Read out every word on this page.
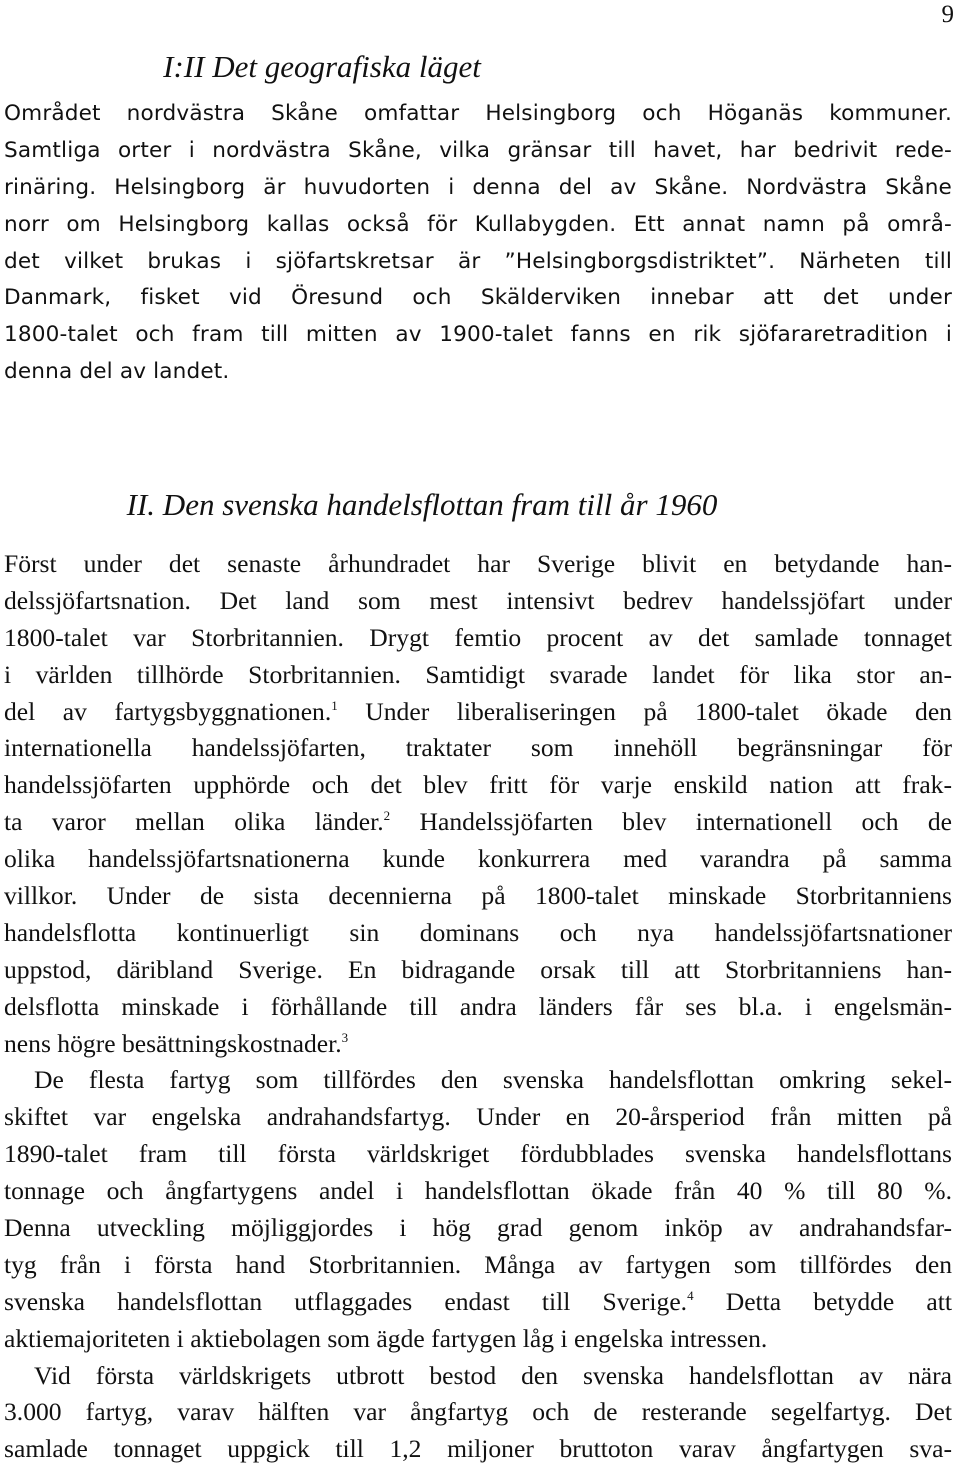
9
I:II Det geografiska läget
Området nordvästra Skåne omfattar Helsingborg och Höganäs kommuner.
Samtliga orter i nordvästra Skåne, vilka gränsar till havet, har bedrivit rede-
rinäring. Helsingborg är huvudorten i denna del av Skåne. Nordvästra Skåne
norr om Helsingborg kallas också för Kullabygden. Ett annat namn på områ-
det vilket brukas i sjöfartskretsar är ”Helsingborgsdistriktet”. Närheten till
Danmark, fisket vid Öresund och Skälderviken innebar att det under
1800-talet och fram till mitten av 1900-talet fanns en rik sjöfararetradition i
denna del av landet.
II. Den svenska handelsflottan fram till år 1960
Först under det senaste århundradet har Sverige blivit en betydande han-
delssjöfartsnation. Det land som mest intensivt bedrev handelssjöfart under
1800-talet var Storbritannien. Drygt femtio procent av det samlade tonnaget
i världen tillhörde Storbritannien. Samtidigt svarade landet för lika stor an-
del av fartygsbyggnationen.$^1$ Under liberaliseringen på 1800-talet ökade den
internationella handelssjöfarten, traktater som innehöll begränsningar för
handelssjöfarten upphörde och det blev fritt för varje enskild nation att frak-
ta varor mellan olika länder.$^2$ Handelssjöfarten blev internationell och de
olika handelssjöfartsnationerna kunde konkurrera med varandra på samma
villkor. Under de sista decennierna på 1800-talet minskade Storbritanniens
handelsflotta kontinuerligt sin dominans och nya handelssjöfartsnationer
uppstod, däribland Sverige. En bidragande orsak till att Storbritanniens han-
delsflotta minskade i förhållande till andra länders får ses bl.a. i engelsmän-
nens högre besättningskostnader.$^3$
De flesta fartyg som tillfördes den svenska handelsflottan omkring sekel-
skiftet var engelska andrahandsfartyg. Under en 20-årsperiod från mitten på
1890-talet fram till första världskriget fördubblades svenska handelsflottans
tonnage och ångfartygens andel i handelsflottan ökade från 40 % till 80 %.
Denna utveckling möjliggjordes i hög grad genom inköp av andrahandsfar-
tyg från i första hand Storbritannien. Många av fartygen som tillfördes den
svenska handelsflottan utflaggades endast till Sverige.$^4$ Detta betydde att
aktiemajoriteten i aktiebolagen som ägde fartygen låg i engelska intressen.
Vid första världskrigets utbrott bestod den svenska handelsflottan av nära
3.000 fartyg, varav hälften var ångfartyg och de resterande segelfartyg. Det
samlade tonnaget uppgick till 1,2 miljoner bruttoton varav ångfartygen sva-
